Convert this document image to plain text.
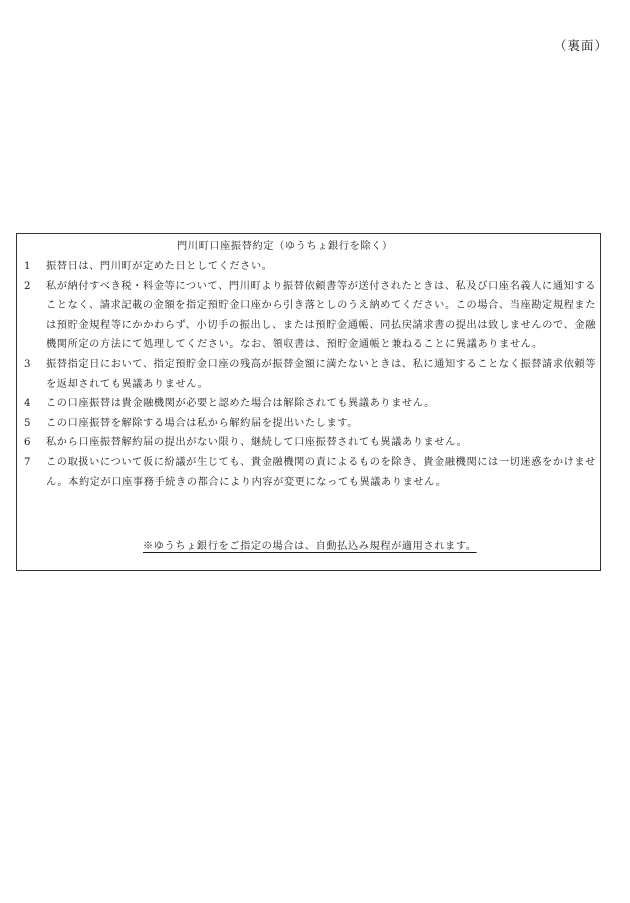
（裏面）
門川町口座振替約定（ゆうちょ銀行を除く）
1	振替日は、門川町が定めた日としてください。
2	私が納付すべき税・料金等について、門川町より振替依頼書等が送付されたときは、私及び口座名義人に通知することなく、請求記載の金額を指定預貯金口座から引き落としのうえ納めてください。この場合、当座勘定規程または預貯金規程等にかかわらず、小切手の振出し、または預貯金通帳、同払戻請求書の提出は致しませんので、金融機関所定の方法にて処理してください。なお、領収書は、預貯金通帳と兼ねることに異議ありません。
3	振替指定日において、指定預貯金口座の残高が振替金額に満たないときは、私に通知することなく振替請求依頼等を返却されても異議ありません。
4	この口座振替は貴金融機関が必要と認めた場合は解除されても異議ありません。
5	この口座振替を解除する場合は私から解約届を提出いたします。
6	私から口座振替解約届の提出がない限り、継続して口座振替されても異議ありません。
7	この取扱いについて仮に紛議が生じても、貴金融機関の責によるものを除き、貴金融機関には一切迷惑をかけません。本約定が口座事務手続きの都合により内容が変更になっても異議ありません。
※ゆうちょ銀行をご指定の場合は、自動払込み規程が適用されます。
